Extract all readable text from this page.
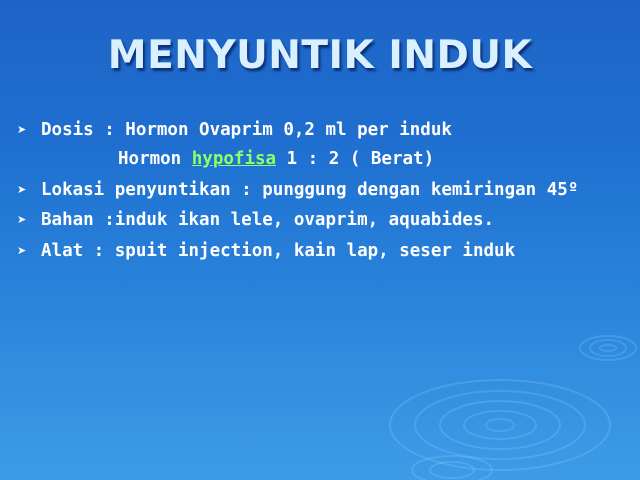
MENYUNTIK INDUK
➤ Dosis : Hormon Ovaprim 0,2 ml per induk
Hormon hypofisa 1 : 2 ( Berat)
➤ Lokasi penyuntikan : punggung dengan kemiringan 45º
➤ Bahan :induk ikan lele, ovaprim, aquabides.
➤ Alat : spuit injection, kain lap, seser induk
